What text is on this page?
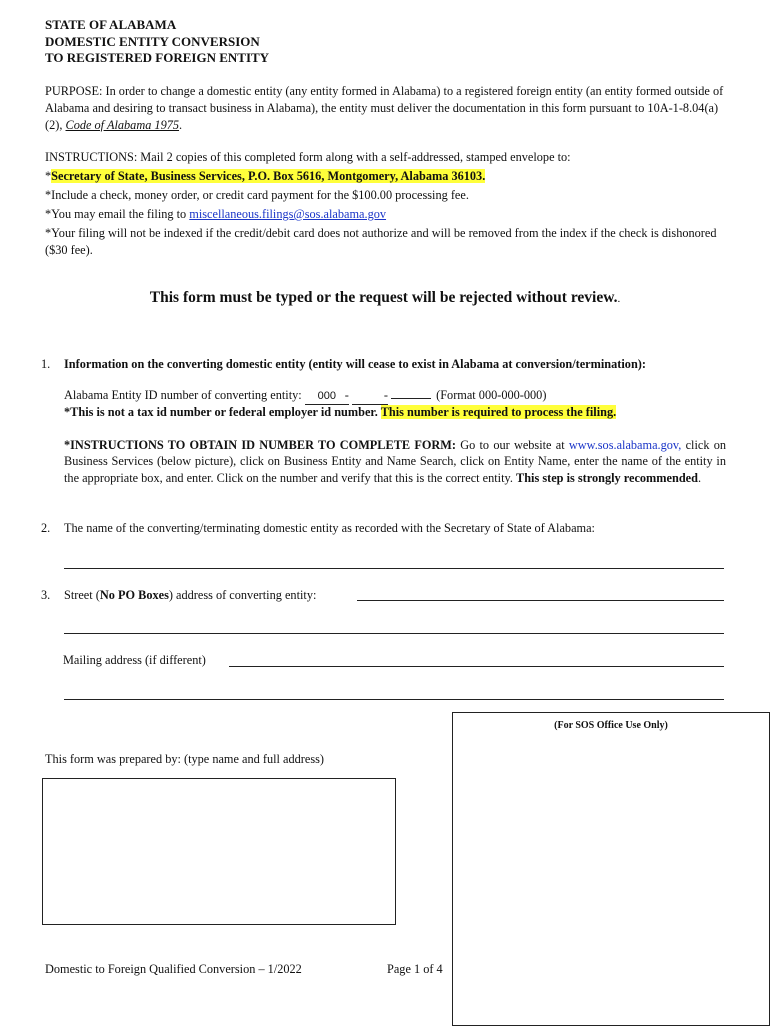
STATE OF ALABAMA
DOMESTIC ENTITY CONVERSION
TO REGISTERED FOREIGN ENTITY
PURPOSE: In order to change a domestic entity (any entity formed in Alabama) to a registered foreign entity (an entity formed outside of Alabama and desiring to transact business in Alabama), the entity must deliver the documentation in this form pursuant to 10A-1-8.04(a)(2), Code of Alabama 1975.
INSTRUCTIONS: Mail 2 copies of this completed form along with a self-addressed, stamped envelope to:
*Secretary of State, Business Services, P.O. Box 5616, Montgomery, Alabama 36103.
*Include a check, money order, or credit card payment for the $100.00 processing fee.
*You may email the filing to miscellaneous.filings@sos.alabama.gov
*Your filing will not be indexed if the credit/debit card does not authorize and will be removed from the index if the check is dishonored ($30 fee).
This form must be typed or the request will be rejected without review..
1. Information on the converting domestic entity (entity will cease to exist in Alabama at conversion/termination):
Alabama Entity ID number of converting entity: 000 -	-	(Format 000-000-000)
*This is not a tax id number or federal employer id number. This number is required to process the filing.
*INSTRUCTIONS TO OBTAIN ID NUMBER TO COMPLETE FORM: Go to our website at www.sos.alabama.gov, click on Business Services (below picture), click on Business Entity and Name Search, click on Entity Name, enter the name of the entity in the appropriate box, and enter. Click on the number and verify that this is the correct entity. This step is strongly recommended.
2. The name of the converting/terminating domestic entity as recorded with the Secretary of State of Alabama:
3. Street (No PO Boxes) address of converting entity:
Mailing address (if different)
(For SOS Office Use Only)
This form was prepared by: (type name and full address)
Domestic to Foreign Qualified Conversion – 1/2022	Page 1 of 4
